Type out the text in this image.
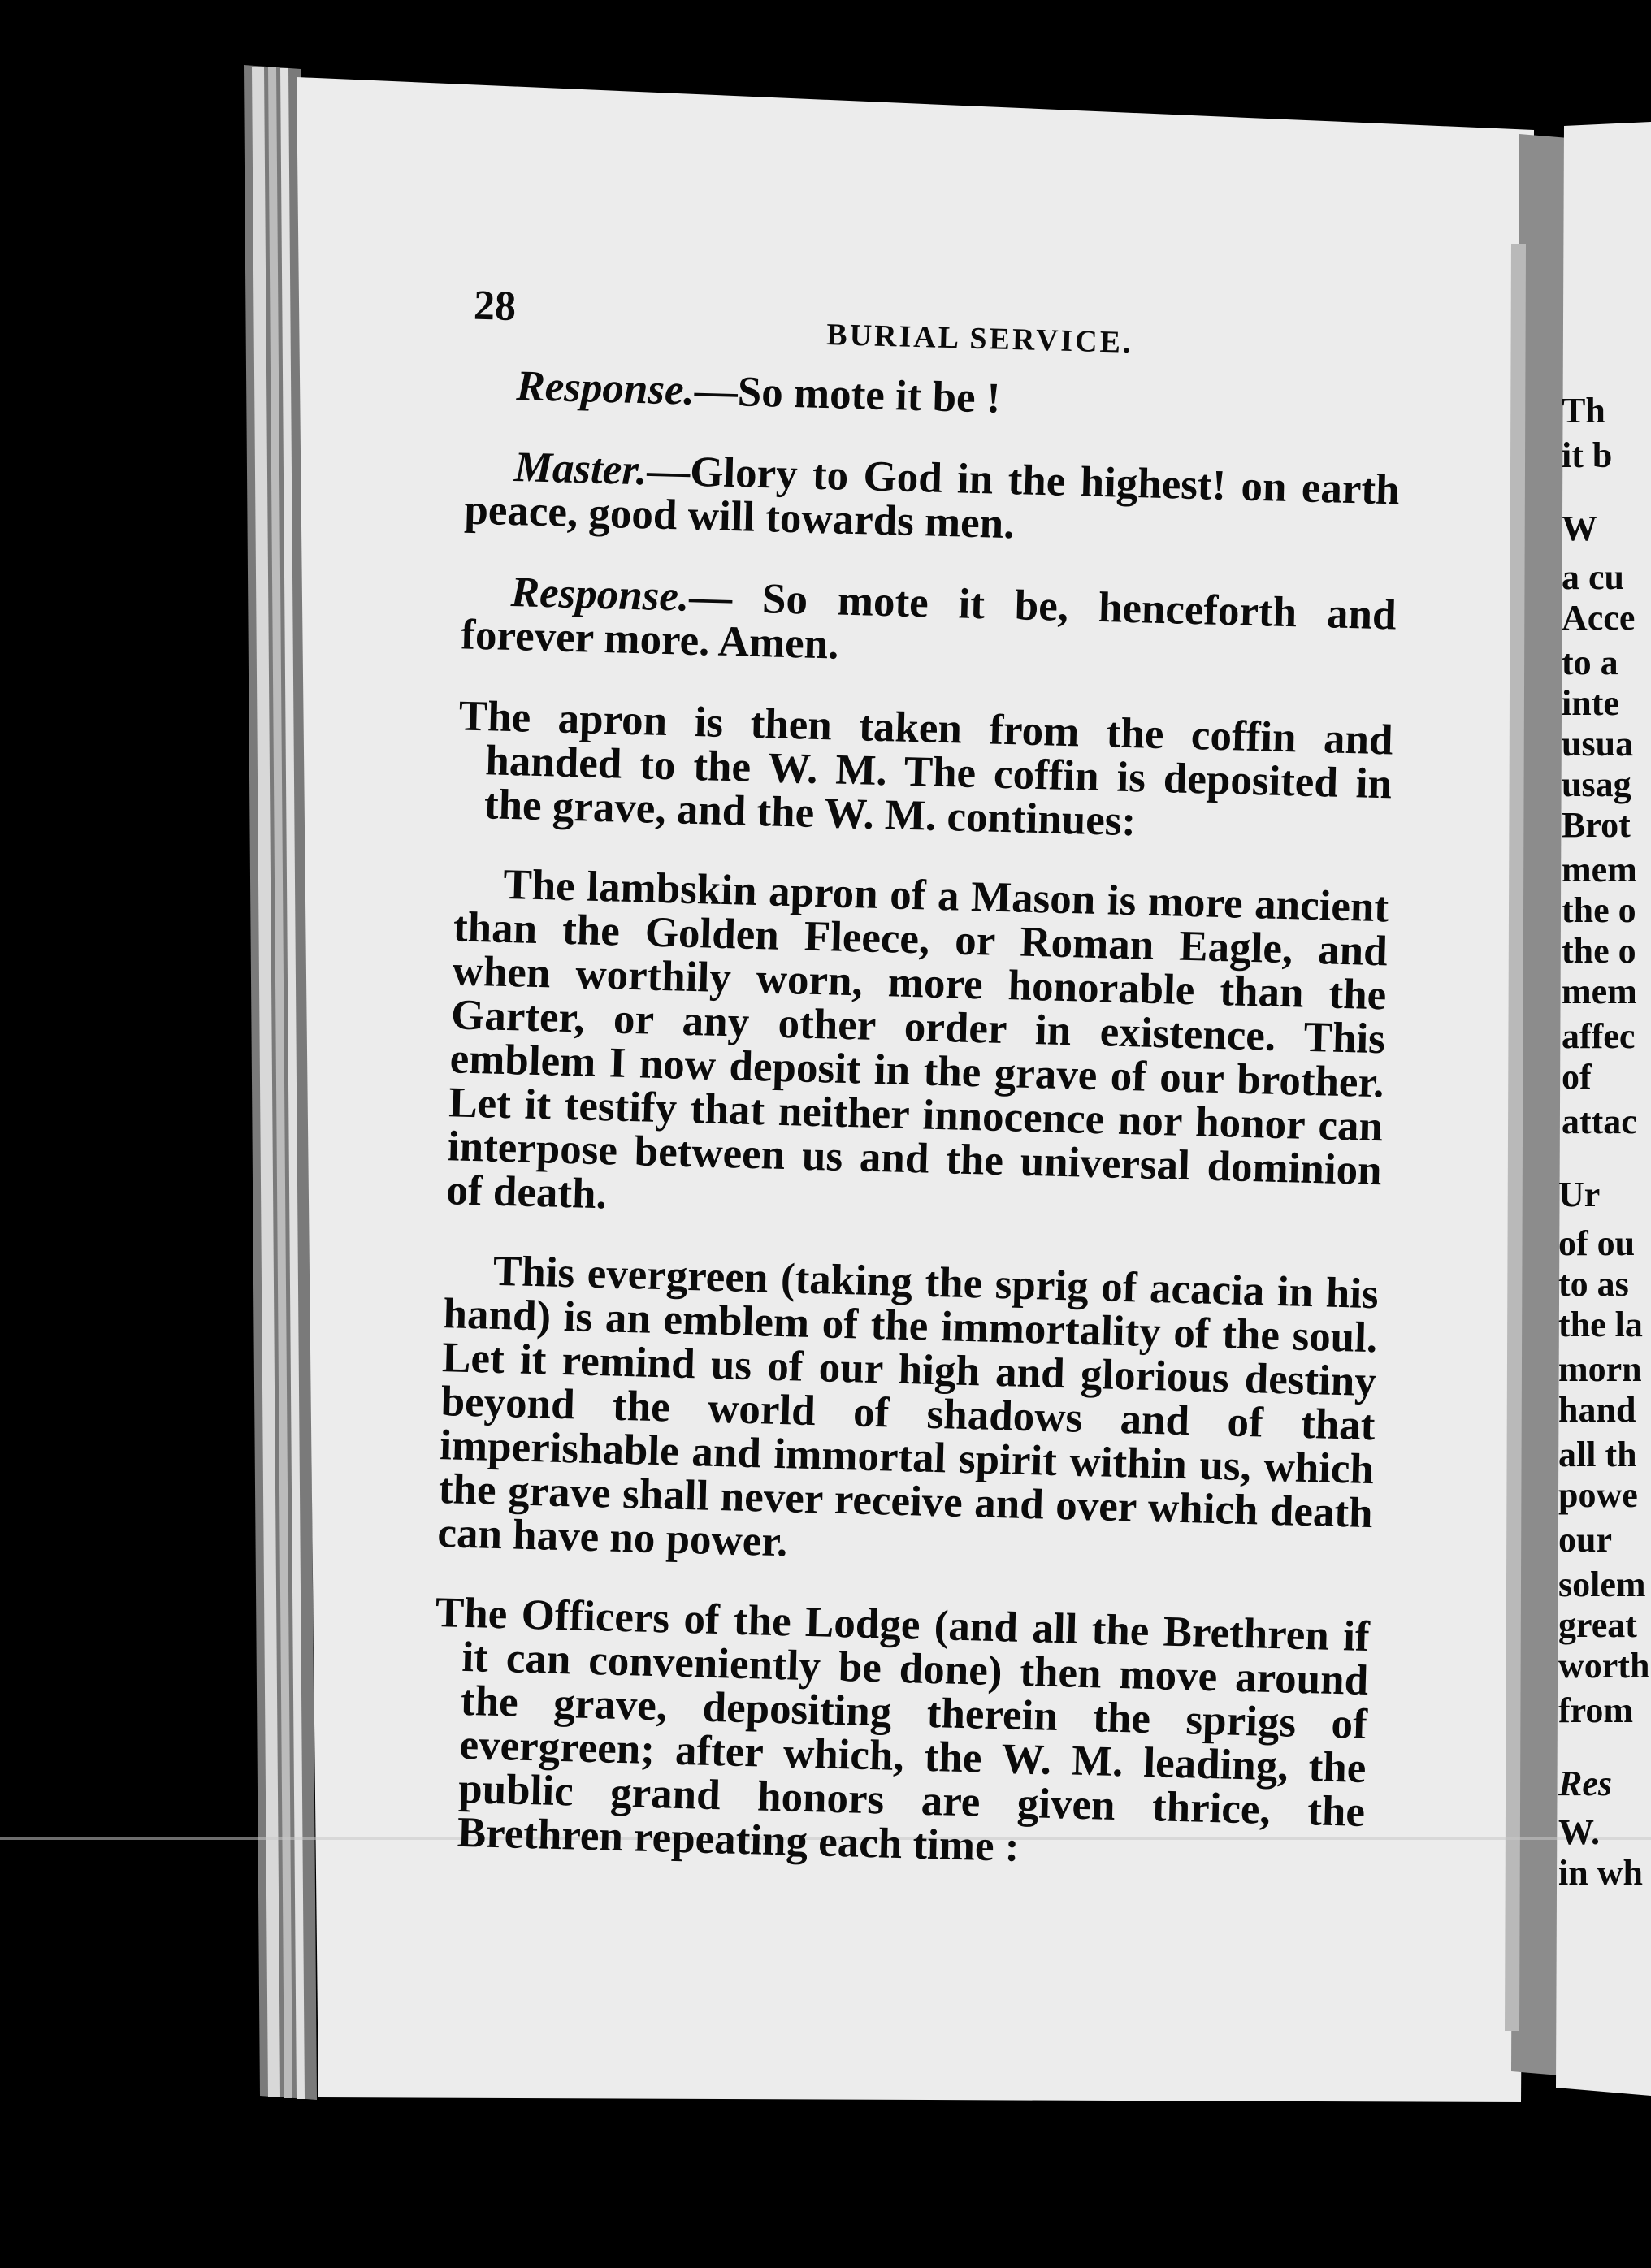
28
BURIAL SERVICE.

Response.—So mote it be !

Master.—Glory to God in the highest! on earth peace, good will towards men.

Response.— So mote it be, henceforth and forever more. Amen.

The apron is then taken from the coffin and handed to the W. M. The coffin is deposited in the grave, and the W. M. continues:

The lambskin apron of a Mason is more ancient than the Golden Fleece, or Roman Eagle, and when worthily worn, more honorable than the Garter, or any other order in existence. This emblem I now deposit in the grave of our brother. Let it testify that neither innocence nor honor can interpose between us and the universal dominion of death.

This evergreen (taking the sprig of acacia in his hand) is an emblem of the immortality of the soul. Let it remind us of our high and glorious destiny beyond the world of shadows and of that imperishable and immortal spirit within us, which the grave shall never receive and over which death can have no power.

The Officers of the Lodge (and all the Brethren if it can conveniently be done) then move around the grave, depositing therein the sprigs of evergreen; after which, the W. M. leading, the public grand honors are given thrice, the Brethren repeating each time :

Th
it b
W
a cu
Acce
to a
inte
usua
usag
Brot
mem
the o
the o
mem
affec
of
attac
Ur
of ou
to as
the la
morn
hand
all th
powe
our
solem
great
worth
from
Res
W.
in wh
